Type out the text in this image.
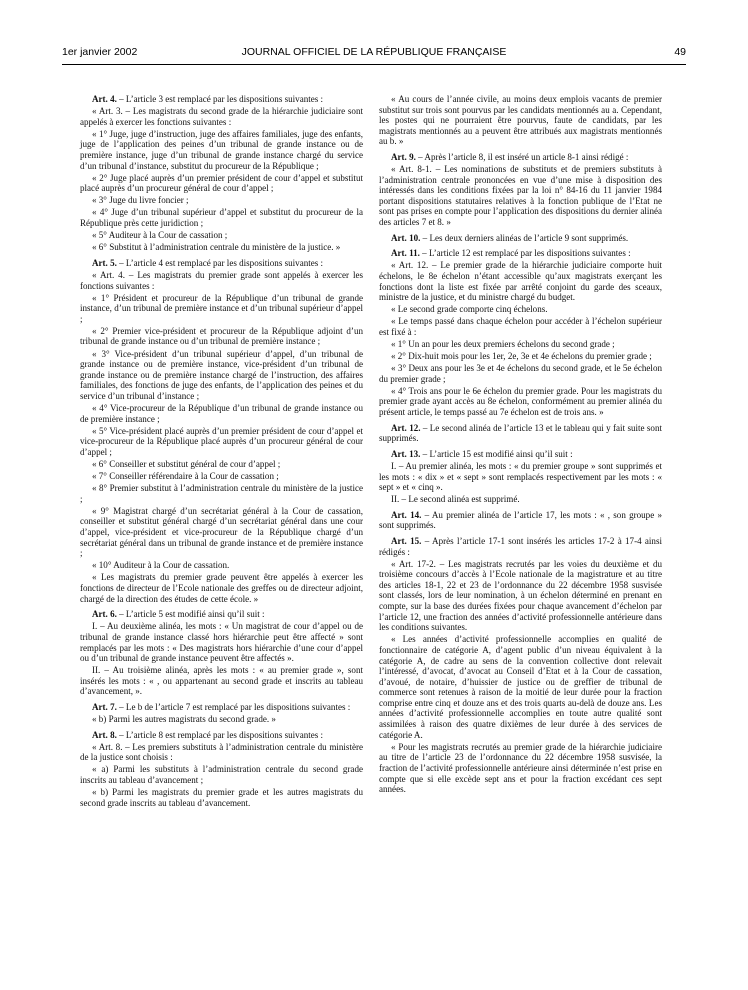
1er janvier 2002	JOURNAL OFFICIEL DE LA RÉPUBLIQUE FRANÇAISE	49

Art. 4. – L’article 3 est remplacé par les dispositions suivantes :

« Art. 3. – Les magistrats du second grade de la hiérarchie judiciaire sont appelés à exercer les fonctions suivantes :

« 1° Juge, juge d’instruction, juge des affaires familiales, juge des enfants, juge de l’application des peines d’un tribunal de grande instance ou de première instance, juge d’un tribunal de grande instance chargé du service d’un tribunal d’instance, substitut du procureur de la République ;

« 2° Juge placé auprès d’un premier président de cour d’appel et substitut placé auprès d’un procureur général de cour d’appel ;

« 3° Juge du livre foncier ;

« 4° Juge d’un tribunal supérieur d’appel et substitut du procureur de la République près cette juridiction ;

« 5° Auditeur à la Cour de cassation ;

« 6° Substitut à l’administration centrale du ministère de la justice. »

Art. 5. – L’article 4 est remplacé par les dispositions suivantes :

« Art. 4. – Les magistrats du premier grade sont appelés à exercer les fonctions suivantes :

« 1° Président et procureur de la République d’un tribunal de grande instance, d’un tribunal de première instance et d’un tribunal supérieur d’appel ;

« 2° Premier vice-président et procureur de la République adjoint d’un tribunal de grande instance ou d’un tribunal de première instance ;

« 3° Vice-président d’un tribunal supérieur d’appel, d’un tribunal de grande instance ou de première instance, vice-président d’un tribunal de grande instance ou de première instance chargé de l’instruction, des affaires familiales, des fonctions de juge des enfants, de l’application des peines et du service d’un tribunal d’instance ;

« 4° Vice-procureur de la République d’un tribunal de grande instance ou de première instance ;

« 5° Vice-président placé auprès d’un premier président de cour d’appel et vice-procureur de la République placé auprès d’un procureur général de cour d’appel ;

« 6° Conseiller et substitut général de cour d’appel ;

« 7° Conseiller référendaire à la Cour de cassation ;

« 8° Premier substitut à l’administration centrale du ministère de la justice ;

« 9° Magistrat chargé d’un secrétariat général à la Cour de cassation, conseiller et substitut général chargé d’un secrétariat général dans une cour d’appel, vice-président et vice-procureur de la République chargé d’un secrétariat général dans un tribunal de grande instance et de première instance ;

« 10° Auditeur à la Cour de cassation.

« Les magistrats du premier grade peuvent être appelés à exercer les fonctions de directeur de l’Ecole nationale des greffes ou de directeur adjoint, chargé de la direction des études de cette école. »

Art. 6. – L’article 5 est modifié ainsi qu’il suit :

I. – Au deuxième alinéa, les mots : « Un magistrat de cour d’appel ou de tribunal de grande instance classé hors hiérarchie peut être affecté » sont remplacés par les mots : « Des magistrats hors hiérarchie d’une cour d’appel ou d’un tribunal de grande instance peuvent être affectés ».

II. – Au troisième alinéa, après les mots : « au premier grade », sont insérés les mots : « , ou appartenant au second grade et inscrits au tableau d’avancement, ».

Art. 7. – Le b de l’article 7 est remplacé par les dispositions suivantes :

« b) Parmi les autres magistrats du second grade. »

Art. 8. – L’article 8 est remplacé par les dispositions suivantes :

« Art. 8. – Les premiers substituts à l’administration centrale du ministère de la justice sont choisis :

« a) Parmi les substituts à l’administration centrale du second grade inscrits au tableau d’avancement ;

« b) Parmi les magistrats du premier grade et les autres magistrats du second grade inscrits au tableau d’avancement.

« Au cours de l’année civile, au moins deux emplois vacants de premier substitut sur trois sont pourvus par les candidats mentionnés au a. Cependant, les postes qui ne pourraient être pourvus, faute de candidats, par les magistrats mentionnés au a peuvent être attribués aux magistrats mentionnés au b. »

Art. 9. – Après l’article 8, il est inséré un article 8-1 ainsi rédigé :

« Art. 8-1. – Les nominations de substituts et de premiers substituts à l’administration centrale prononcées en vue d’une mise à disposition des intéressés dans les conditions fixées par la loi n° 84-16 du 11 janvier 1984 portant dispositions statutaires relatives à la fonction publique de l’Etat ne sont pas prises en compte pour l’application des dispositions du dernier alinéa des articles 7 et 8. »

Art. 10. – Les deux derniers alinéas de l’article 9 sont supprimés.

Art. 11. – L’article 12 est remplacé par les dispositions suivantes :

« Art. 12. – Le premier grade de la hiérarchie judiciaire comporte huit échelons, le 8e échelon n’étant accessible qu’aux magistrats exerçant les fonctions dont la liste est fixée par arrêté conjoint du garde des sceaux, ministre de la justice, et du ministre chargé du budget.

« Le second grade comporte cinq échelons.

« Le temps passé dans chaque échelon pour accéder à l’échelon supérieur est fixé à :

« 1° Un an pour les deux premiers échelons du second grade ;

« 2° Dix-huit mois pour les 1er, 2e, 3e et 4e échelons du premier grade ;

« 3° Deux ans pour les 3e et 4e échelons du second grade, et le 5e échelon du premier grade ;

« 4° Trois ans pour le 6e échelon du premier grade. Pour les magistrats du premier grade ayant accès au 8e échelon, conformément au premier alinéa du présent article, le temps passé au 7e échelon est de trois ans. »

Art. 12. – Le second alinéa de l’article 13 et le tableau qui y fait suite sont supprimés.

Art. 13. – L’article 15 est modifié ainsi qu’il suit :

I. – Au premier alinéa, les mots : « du premier groupe » sont supprimés et les mots : « dix » et « sept » sont remplacés respectivement par les mots : « sept » et « cinq ».

II. – Le second alinéa est supprimé.

Art. 14. – Au premier alinéa de l’article 17, les mots : « , son groupe » sont supprimés.

Art. 15. – Après l’article 17-1 sont insérés les articles 17-2 à 17-4 ainsi rédigés :

« Art. 17-2. – Les magistrats recrutés par les voies du deuxième et du troisième concours d’accès à l’Ecole nationale de la magistrature et au titre des articles 18-1, 22 et 23 de l’ordonnance du 22 décembre 1958 susvisée sont classés, lors de leur nomination, à un échelon déterminé en prenant en compte, sur la base des durées fixées pour chaque avancement d’échelon par l’article 12, une fraction des années d’activité professionnelle antérieure dans les conditions suivantes.

« Les années d’activité professionnelle accomplies en qualité de fonctionnaire de catégorie A, d’agent public d’un niveau équivalent à la catégorie A, de cadre au sens de la convention collective dont relevait l’intéressé, d’avocat, d’avocat au Conseil d’Etat et à la Cour de cassation, d’avoué, de notaire, d’huissier de justice ou de greffier de tribunal de commerce sont retenues à raison de la moitié de leur durée pour la fraction comprise entre cinq et douze ans et des trois quarts au-delà de douze ans. Les années d’activité professionnelle accomplies en toute autre qualité sont assimilées à raison des quatre dixièmes de leur durée à des services de catégorie A.

« Pour les magistrats recrutés au premier grade de la hiérarchie judiciaire au titre de l’article 23 de l’ordonnance du 22 décembre 1958 susvisée, la fraction de l’activité professionnelle antérieure ainsi déterminée n’est prise en compte que si elle excède sept ans et pour la fraction excédant ces sept années.
